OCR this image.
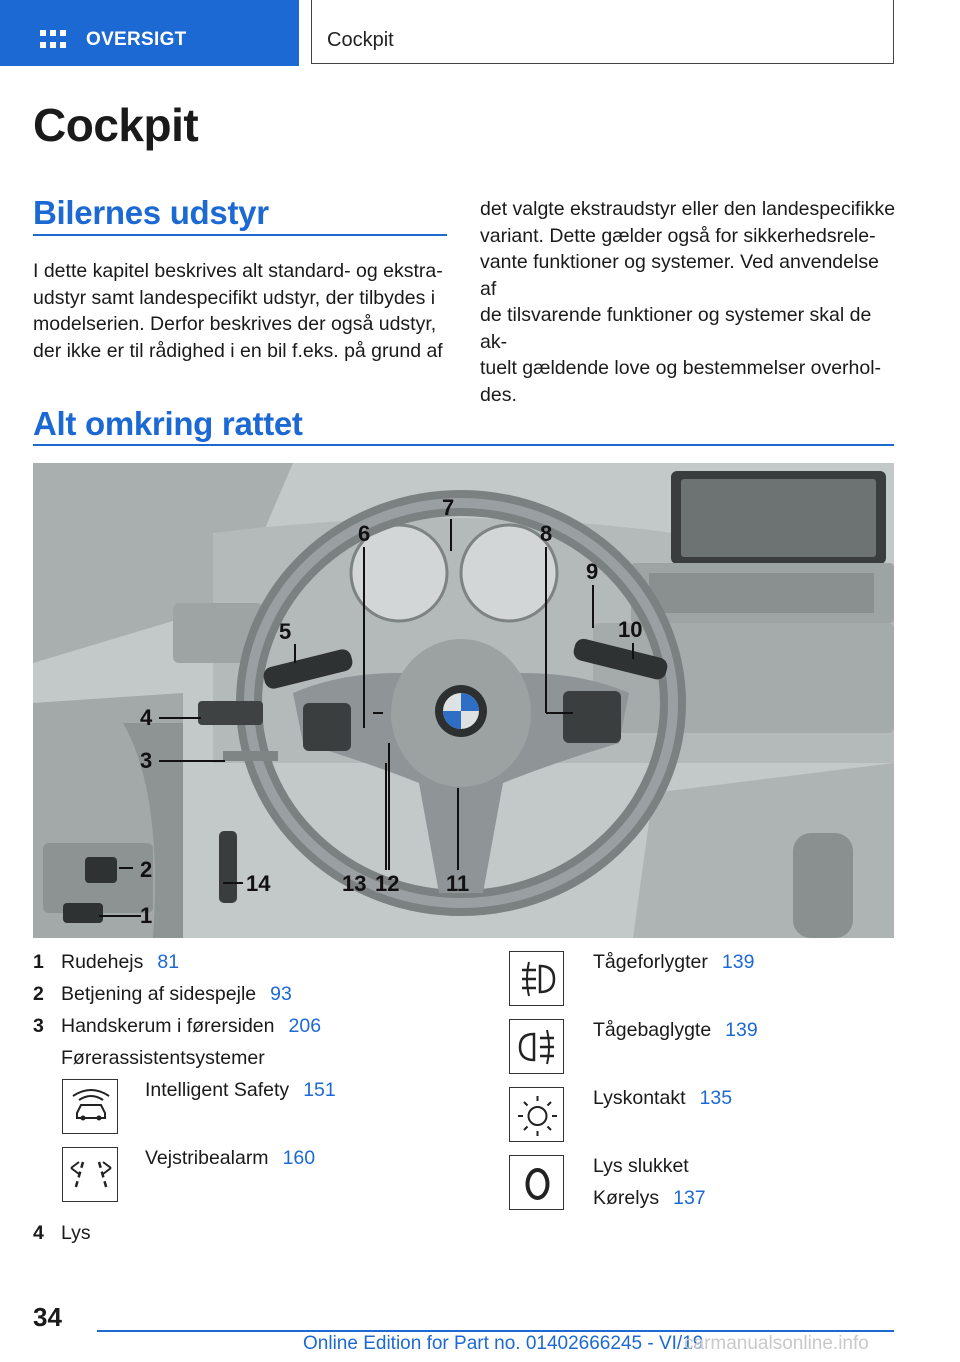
OVERSIGT	Cockpit
Cockpit
Bilernes udstyr
I dette kapitel beskrives alt standard- og ekstra-
udstyr samt landespecifikt udstyr, der tilbydes i
modelserien. Derfor beskrives der også udstyr,
der ikke er til rådighed i en bil f.eks. på grund af
det valgte ekstraudstyr eller den landespecifikke
variant. Dette gælder også for sikkerhedsrele-
vante funktioner og systemer. Ved anvendelse af
de tilsvarende funktioner og systemer skal de ak-
tuelt gældende love og bestemmelser overhol-
des.
Alt omkring rattet
1
2
3
4
5
6
7
8
9
10
11
12
13
14
1 Rudehejs 81
2 Betjening af sidespejle 93
3 Handskerum i førersiden 206
Førerassistentsystemer
Intelligent Safety 151
Vejstribealarm 160
4 Lys
Tågeforlygter 139
Tågebaglygte 139
Lyskontakt 135
Lys slukket
Kørelys 137
34
Online Edition for Part no. 01402666245 - VI/19
carmanualsonline.info
